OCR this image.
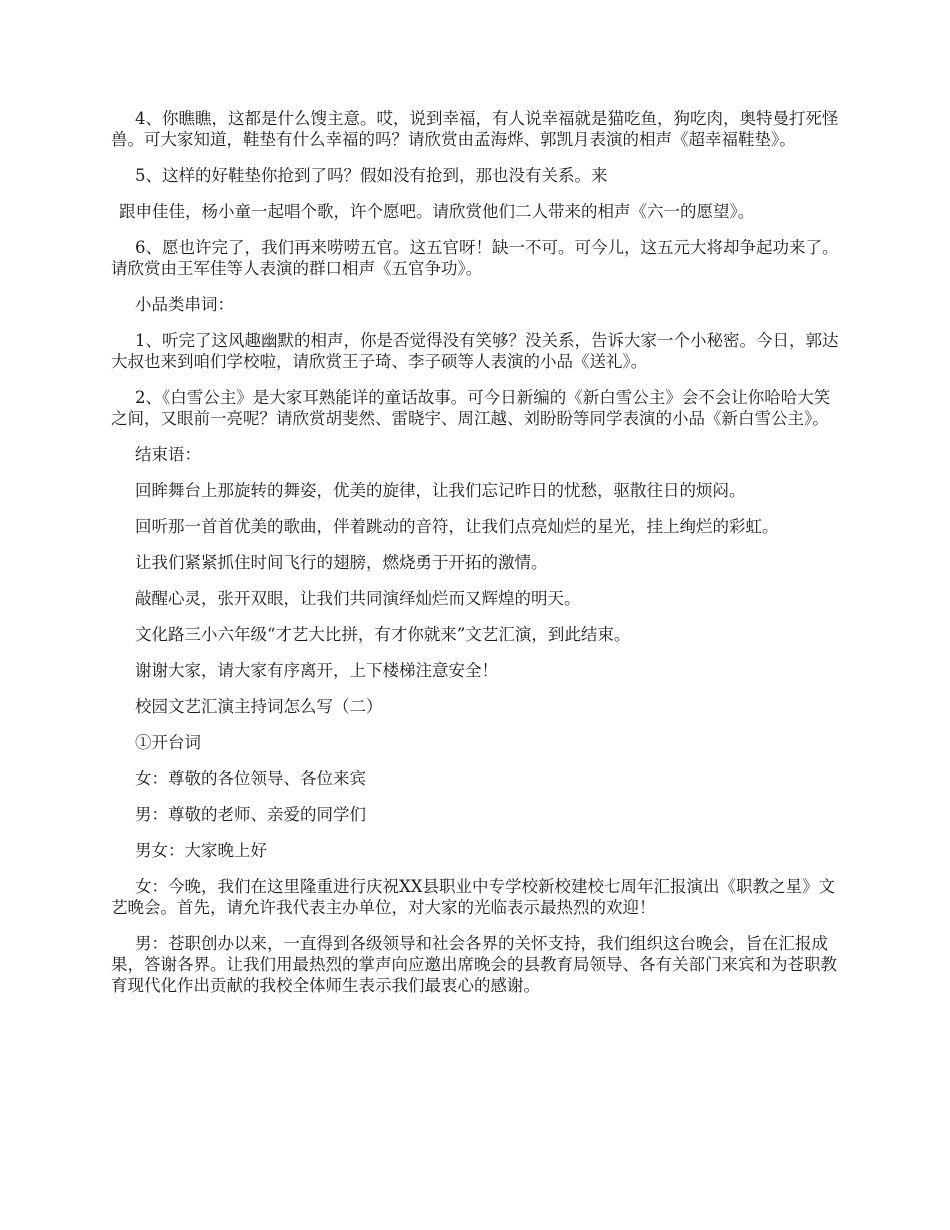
4、你瞧瞧，这都是什么馊主意。哎，说到幸福，有人说幸福就是猫吃鱼，狗吃肉，奥特曼打死怪兽。可大家知道，鞋垫有什么幸福的吗？请欣赏由孟海烨、郭凯月表演的相声《超幸福鞋垫》。

5、这样的好鞋垫你抢到了吗？假如没有抢到，那也没有关系。来

跟申佳佳，杨小童一起唱个歌，许个愿吧。请欣赏他们二人带来的相声《六一的愿望》。

6、愿也许完了，我们再来唠唠五官。这五官呀！缺一不可。可今儿，这五元大将却争起功来了。请欣赏由王军佳等人表演的群口相声《五官争功》。

小品类串词：

1、听完了这风趣幽默的相声，你是否觉得没有笑够？没关系，告诉大家一个小秘密。今日，郭达大叔也来到咱们学校啦，请欣赏王子琦、李子硕等人表演的小品《送礼》。

2、《白雪公主》是大家耳熟能详的童话故事。可今日新编的《新白雪公主》会不会让你哈哈大笑之间，又眼前一亮呢？请欣赏胡斐然、雷晓宇、周江越、刘盼盼等同学表演的小品《新白雪公主》。

结束语：

回眸舞台上那旋转的舞姿，优美的旋律，让我们忘记昨日的忧愁，驱散往日的烦闷。

回听那一首首优美的歌曲，伴着跳动的音符，让我们点亮灿烂的星光，挂上绚烂的彩虹。

让我们紧紧抓住时间飞行的翅膀，燃烧勇于开拓的激情。

敲醒心灵，张开双眼，让我们共同演绎灿烂而又辉煌的明天。

文化路三小六年级“才艺大比拼，有才你就来”文艺汇演，到此结束。

谢谢大家，请大家有序离开，上下楼梯注意安全！

校园文艺汇演主持词怎么写（二）

①开台词

女：尊敬的各位领导、各位来宾

男：尊敬的老师、亲爱的同学们

男女：大家晚上好

女：今晚，我们在这里隆重进行庆祝XX县职业中专学校新校建校七周年汇报演出《职教之星》文艺晚会。首先，请允许我代表主办单位，对大家的光临表示最热烈的欢迎！

男：苍职创办以来，一直得到各级领导和社会各界的关怀支持，我们组织这台晚会，旨在汇报成果，答谢各界。让我们用最热烈的掌声向应邀出席晚会的县教育局领导、各有关部门来宾和为苍职教育现代化作出贡献的我校全体师生表示我们最衷心的感谢。
